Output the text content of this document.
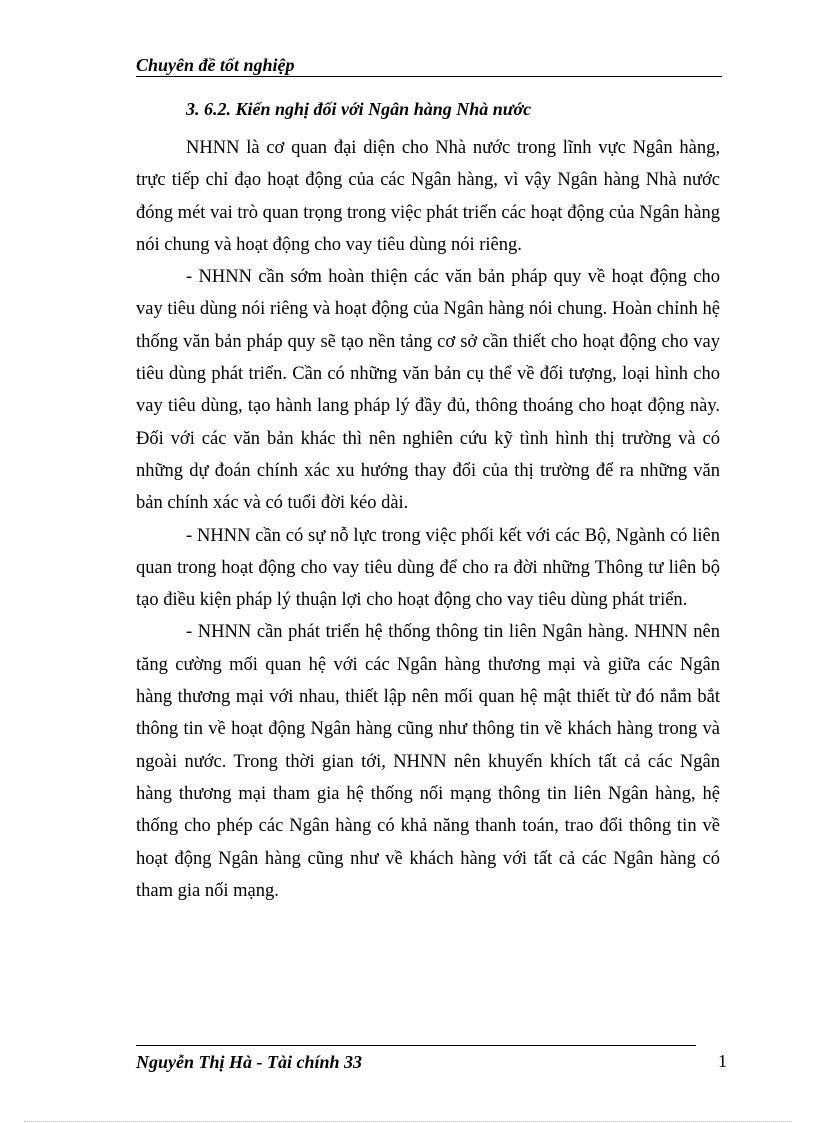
Chuyên đề tốt nghiệp
3. 6.2. Kiến nghị đối với Ngân hàng Nhà nước

NHNN là cơ quan đại diện cho Nhà nước trong lĩnh vực Ngân hàng, trực tiếp chỉ đạo hoạt động của các Ngân hàng, vì vậy Ngân hàng Nhà nước đóng mét vai trò quan trọng trong việc phát triển các hoạt động của Ngân hàng nói chung và hoạt động cho vay tiêu dùng nói riêng.

- NHNN cần sớm hoàn thiện các văn bản pháp quy về hoạt động cho vay tiêu dùng nói riêng và hoạt động của Ngân hàng nói chung. Hoàn chỉnh hệ thống văn bản pháp quy sẽ tạo nền tảng cơ sở cần thiết cho hoạt động cho vay tiêu dùng phát triển. Cần có những văn bản cụ thể về đối tượng, loại hình cho vay tiêu dùng, tạo hành lang pháp lý đầy đủ, thông thoáng cho hoạt động này. Đối với các văn bản khác thì nên nghiên cứu kỹ tình hình thị trường và có những dự đoán chính xác xu hướng thay đổi của thị trường để ra những văn bản chính xác và có tuổi đời kéo dài.

- NHNN cần có sự nỗ lực trong việc phối kết với các Bộ, Ngành có liên quan trong hoạt động cho vay tiêu dùng để cho ra đời những Thông tư liên bộ tạo điều kiện pháp lý thuận lợi cho hoạt động cho vay tiêu dùng phát triển.

- NHNN cần phát triển hệ thống thông tin liên Ngân hàng. NHNN nên tăng cường mối quan hệ với các Ngân hàng thương mại và giữa các Ngân hàng thương mại với nhau, thiết lập nên mối quan hệ mật thiết từ đó nắm bắt thông tin về hoạt động Ngân hàng cũng như thông tin về khách hàng trong và ngoài nước. Trong thời gian tới, NHNN nên khuyến khích tất cả các Ngân hàng thương mại tham gia hệ thống nối mạng thông tin liên Ngân hàng, hệ thống cho phép các Ngân hàng có khả năng thanh toán, trao đổi thông tin về hoạt động Ngân hàng cũng như về khách hàng với tất cả các Ngân hàng có tham gia nối mạng.

Nguyễn Thị Hà - Tài chính 33	1
